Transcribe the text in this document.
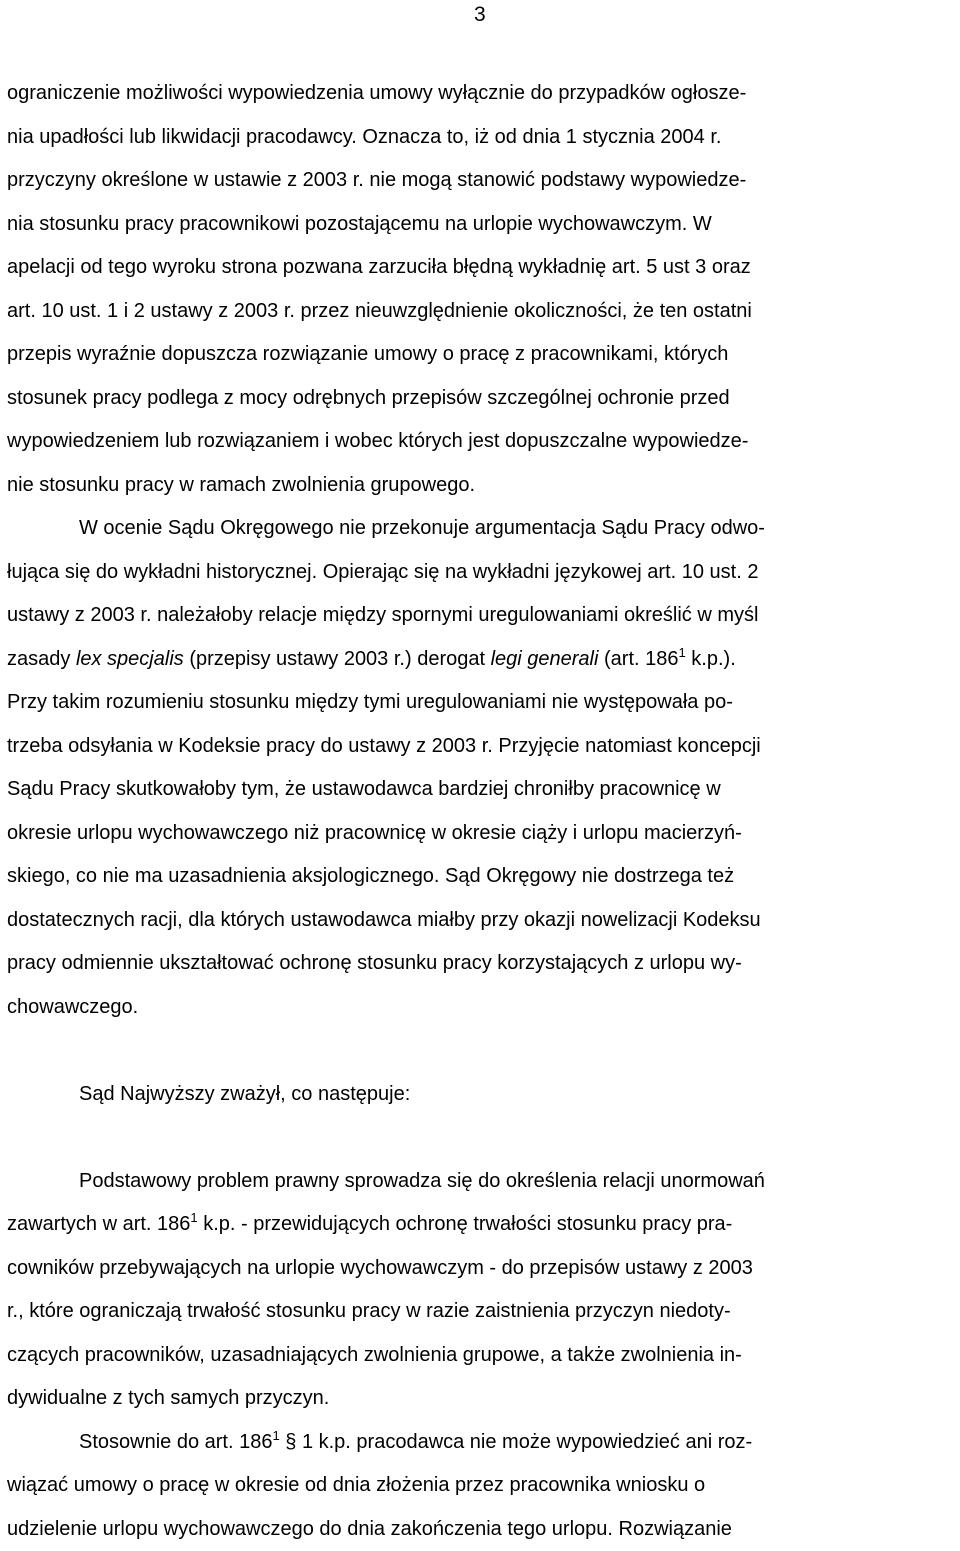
3
ograniczenie możliwości wypowiedzenia umowy wyłącznie do przypadków ogłosze-
nia upadłości lub likwidacji pracodawcy. Oznacza to, iż od dnia 1 stycznia 2004 r.
przyczyny określone w ustawie z 2003 r. nie mogą stanowić podstawy wypowiedze-
nia stosunku pracy pracownikowi pozostającemu na urlopie wychowawczym. W
apelacji od tego wyroku strona pozwana zarzuciła błędną wykładnię art. 5 ust 3 oraz
art. 10 ust. 1 i 2 ustawy z 2003 r. przez nieuwzględnienie okoliczności, że ten ostatni
przepis wyraźnie dopuszcza rozwiązanie umowy o pracę z pracownikami, których
stosunek pracy podlega z mocy odrębnych przepisów szczególnej ochronie przed
wypowiedzeniem lub rozwiązaniem i wobec których jest dopuszczalne wypowiedze-
nie stosunku pracy w ramach zwolnienia grupowego.
W ocenie Sądu Okręgowego nie przekonuje argumentacja Sądu Pracy odwo-
łująca się do wykładni historycznej. Opierając się na wykładni językowej art. 10 ust. 2
ustawy z 2003 r. należałoby relacje między spornymi uregulowaniami określić w myśl
zasady lex specjalis (przepisy ustawy 2003 r.) derogat legi generali (art. $186^1$ k.p.).
Przy takim rozumieniu stosunku między tymi uregulowaniami nie występowała po-
trzeba odsyłania w Kodeksie pracy do ustawy z 2003 r. Przyjęcie natomiast koncepcji
Sądu Pracy skutkowałoby tym, że ustawodawca bardziej chroniłby pracownicę w
okresie urlopu wychowawczego niż pracownicę w okresie ciąży i urlopu macierzyń-
skiego, co nie ma uzasadnienia aksjologicznego. Sąd Okręgowy nie dostrzega też
dostatecznych racji, dla których ustawodawca miałby przy okazji nowelizacji Kodeksu
pracy odmiennie ukształtować ochronę stosunku pracy korzystających z urlopu wy-
chowawczego.
Sąd Najwyższy zważył, co następuje:
Podstawowy problem prawny sprowadza się do określenia relacji unormowań
zawartych w art. $186^1$ k.p. - przewidujących ochronę trwałości stosunku pracy pra-
cowników przebywających na urlopie wychowawczym - do przepisów ustawy z 2003
r., które ograniczają trwałość stosunku pracy w razie zaistnienia przyczyn niedoty-
czących pracowników, uzasadniających zwolnienia grupowe, a także zwolnienia in-
dywidualne z tych samych przyczyn.
Stosownie do art. $186^1$ § 1 k.p. pracodawca nie może wypowiedzieć ani roz-
wiązać umowy o pracę w okresie od dnia złożenia przez pracownika wniosku o
udzielenie urlopu wychowawczego do dnia zakończenia tego urlopu. Rozwiązanie
